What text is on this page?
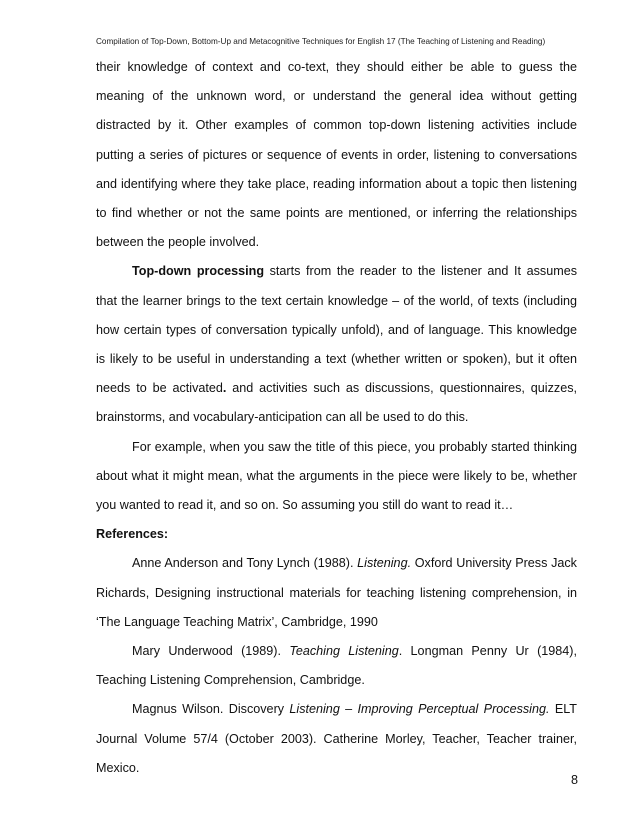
Compilation of Top-Down, Bottom-Up and Metacognitive Techniques for English 17 (The Teaching of Listening and Reading)

their knowledge of context and co-text, they should either be able to guess the meaning of the unknown word, or understand the general idea without getting distracted by it. Other examples of common top-down listening activities include putting a series of pictures or sequence of events in order, listening to conversations and identifying where they take place, reading information about a topic then listening to find whether or not the same points are mentioned, or inferring the relationships between the people involved.

Top-down processing starts from the reader to the listener and It assumes that the learner brings to the text certain knowledge – of the world, of texts (including how certain types of conversation typically unfold), and of language. This knowledge is likely to be useful in understanding a text (whether written or spoken), but it often needs to be activated. and activities such as discussions, questionnaires, quizzes, brainstorms, and vocabulary-anticipation can all be used to do this.

For example, when you saw the title of this piece, you probably started thinking about what it might mean, what the arguments in the piece were likely to be, whether you wanted to read it, and so on. So assuming you still do want to read it…

References:

Anne Anderson and Tony Lynch (1988). Listening. Oxford University Press Jack Richards, Designing instructional materials for teaching listening comprehension, in ‘The Language Teaching Matrix’, Cambridge, 1990

Mary Underwood (1989). Teaching Listening. Longman Penny Ur (1984), Teaching Listening Comprehension, Cambridge.

Magnus Wilson. Discovery Listening – Improving Perceptual Processing. ELT Journal Volume 57/4 (October 2003). Catherine Morley, Teacher, Teacher trainer, Mexico.

8
